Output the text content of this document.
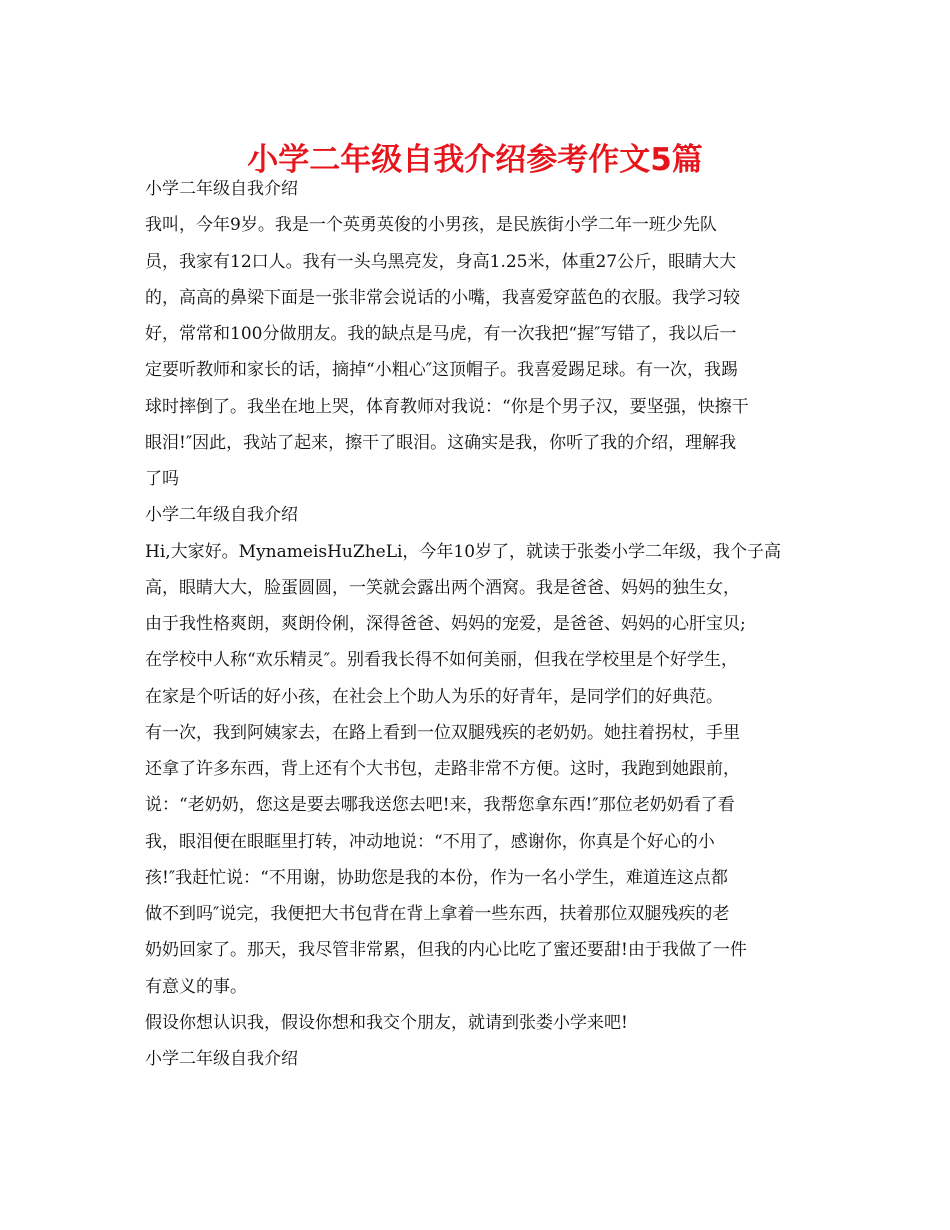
小学二年级自我介绍参考作文5篇
小学二年级自我介绍
我叫，今年9岁。我是一个英勇英俊的小男孩，是民族街小学二年一班少先队
员，我家有12口人。我有一头乌黑亮发，身高1.25米，体重27公斤，眼睛大大
的，高高的鼻梁下面是一张非常会说话的小嘴，我喜爱穿蓝色的衣服。我学习较
好，常常和100分做朋友。我的缺点是马虎，有一次我把“握″写错了，我以后一
定要听教师和家长的话，摘掉“小粗心″这顶帽子。我喜爱踢足球。有一次，我踢
球时摔倒了。我坐在地上哭，体育教师对我说：“你是个男子汉，要坚强，快擦干
眼泪!″因此，我站了起来，擦干了眼泪。这确实是我，你听了我的介绍，理解我
了吗
小学二年级自我介绍
Hi,大家好。MynameisHuZheLi，今年10岁了，就读于张娄小学二年级，我个子高
高，眼睛大大，脸蛋圆圆，一笑就会露出两个酒窝。我是爸爸、妈妈的独生女，
由于我性格爽朗，爽朗伶俐，深得爸爸、妈妈的宠爱，是爸爸、妈妈的心肝宝贝;
在学校中人称“欢乐精灵″。别看我长得不如何美丽，但我在学校里是个好学生，
在家是个听话的好小孩，在社会上个助人为乐的好青年，是同学们的好典范。
有一次，我到阿姨家去，在路上看到一位双腿残疾的老奶奶。她拄着拐杖，手里
还拿了许多东西，背上还有个大书包，走路非常不方便。这时，我跑到她跟前，
说：“老奶奶，您这是要去哪我送您去吧!来，我帮您拿东西!″那位老奶奶看了看
我，眼泪便在眼眶里打转，冲动地说：“不用了，感谢你，你真是个好心的小
孩!″我赶忙说：“不用谢，协助您是我的本份，作为一名小学生，难道连这点都
做不到吗″说完，我便把大书包背在背上拿着一些东西，扶着那位双腿残疾的老
奶奶回家了。那天，我尽管非常累，但我的内心比吃了蜜还要甜!由于我做了一件
有意义的事。
假设你想认识我，假设你想和我交个朋友，就请到张娄小学来吧!
小学二年级自我介绍
